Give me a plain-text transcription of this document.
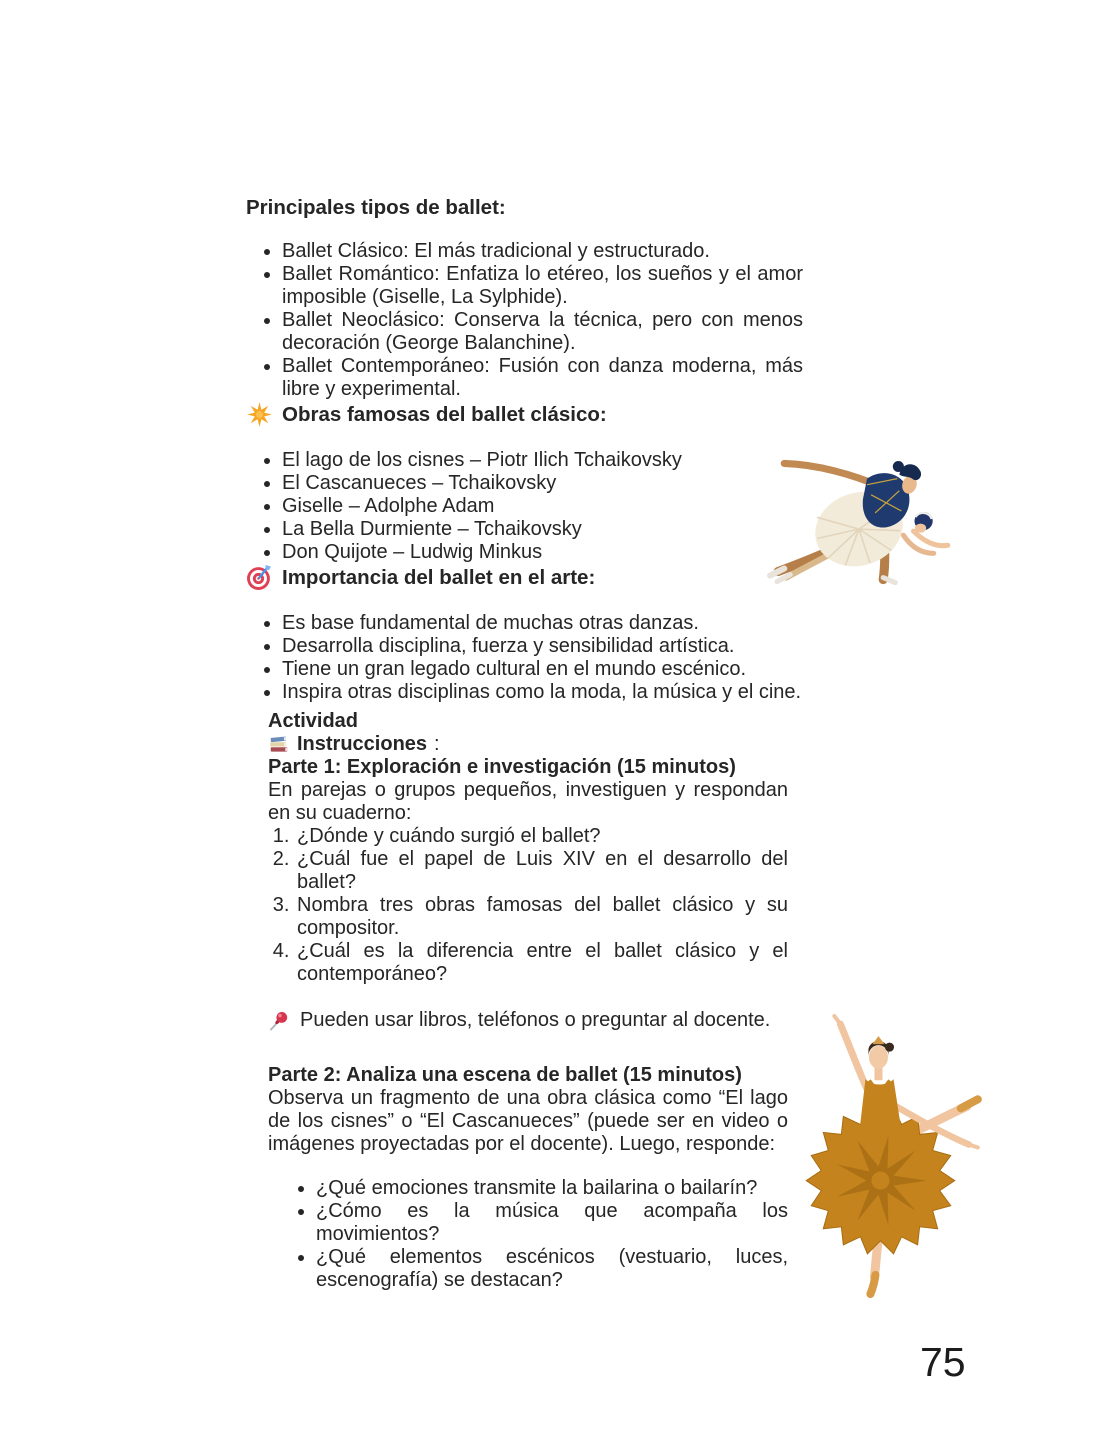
Principales tipos de ballet:
• Ballet Clásico: El más tradicional y estructurado.
• Ballet Romántico: Enfatiza lo etéreo, los sueños y el amor imposible (Giselle, La Sylphide).
• Ballet Neoclásico: Conserva la técnica, pero con menos decoración (George Balanchine).
• Ballet Contemporáneo: Fusión con danza moderna, más libre y experimental.
Obras famosas del ballet clásico:
• El lago de los cisnes – Piotr Ilich Tchaikovsky
• El Cascanueces – Tchaikovsky
• Giselle – Adolphe Adam
• La Bella Durmiente – Tchaikovsky
• Don Quijote – Ludwig Minkus
Importancia del ballet en el arte:
• Es base fundamental de muchas otras danzas.
• Desarrolla disciplina, fuerza y sensibilidad artística.
• Tiene un gran legado cultural en el mundo escénico.
• Inspira otras disciplinas como la moda, la música y el cine.
Actividad
Instrucciones :
Parte 1: Exploración e investigación (15 minutos)

En parejas o grupos pequeños, investiguen y respondan en su cuaderno:

1. ¿Dónde y cuándo surgió el ballet?
2. ¿Cuál fue el papel de Luis XIV en el desarrollo del ballet?
3. Nombra tres obras famosas del ballet clásico y su compositor.
4. ¿Cuál es la diferencia entre el ballet clásico y el contemporáneo?
Pueden usar libros, teléfonos o preguntar al docente.
Parte 2: Analiza una escena de ballet (15 minutos)

Observa un fragmento de una obra clásica como “El lago de los cisnes” o “El Cascanueces” (puede ser en video o imágenes proyectadas por el docente). Luego, responde:

• ¿Qué emociones transmite la bailarina o bailarín?
• ¿Cómo es la música que acompaña los movimientos?
• ¿Qué elementos escénicos (vestuario, luces, escenografía) se destacan?
75
